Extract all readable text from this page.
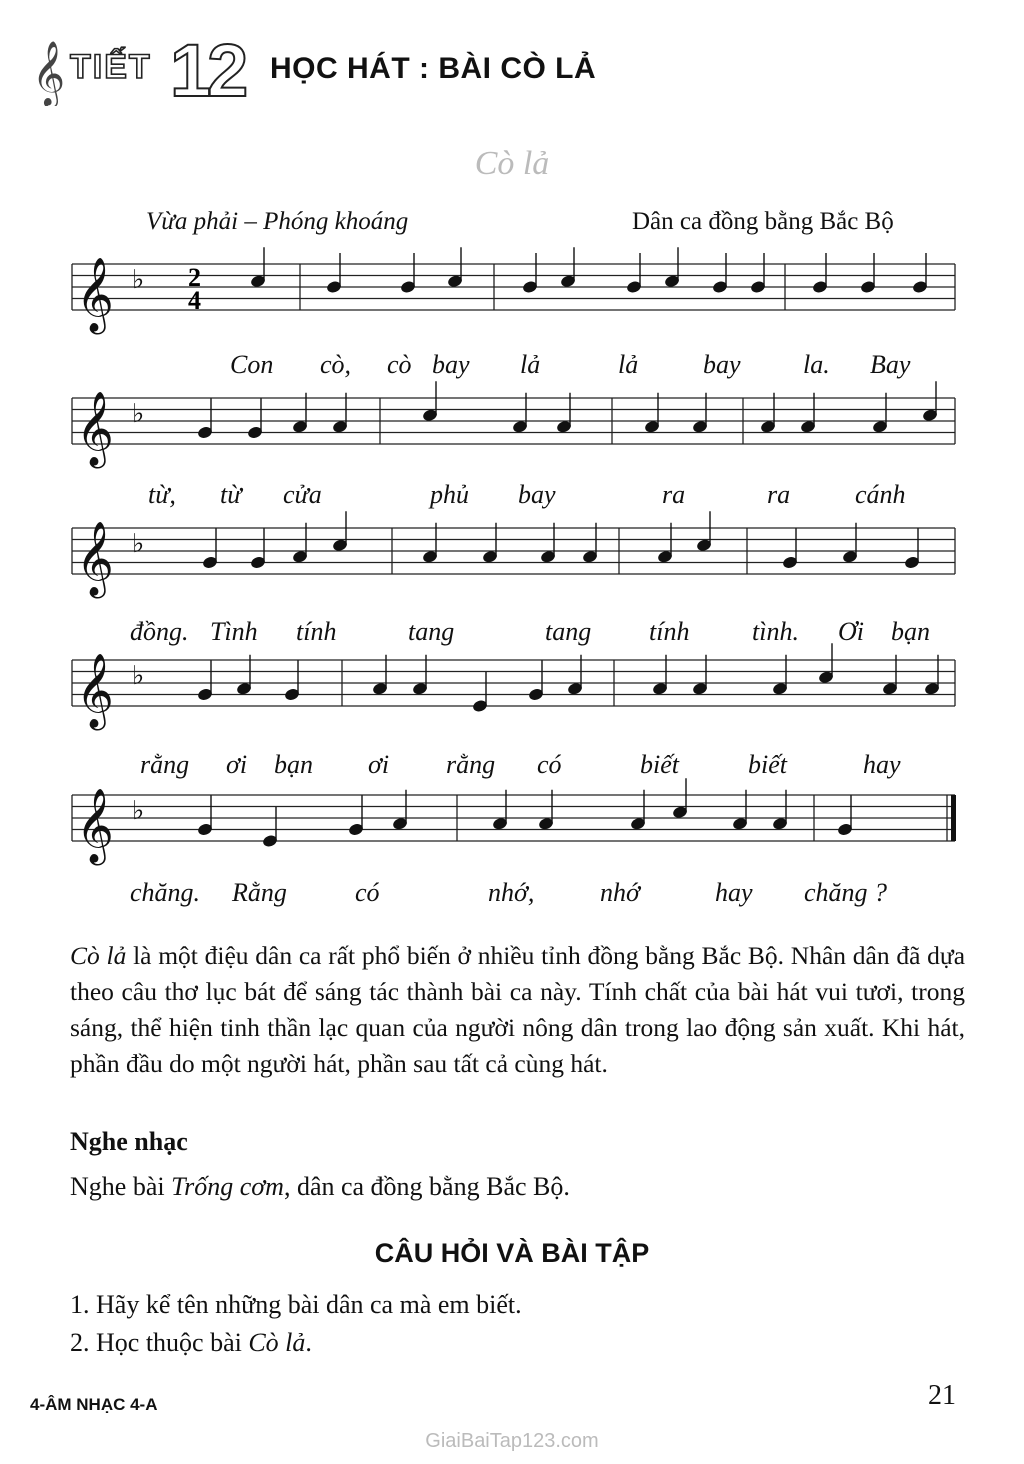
𝄞 TIẾT 12 HỌC HÁT : BÀI CÒ LẢ
Cò lả
Vừa phải – Phóng khoáng	Dân ca đồng bằng Bắc Bộ
𝄞 ♭ 2
4
𝄞 ♭
𝄞 ♭
𝄞 ♭
𝄞 ♭
Con cò, cò bay lả	lả bay la. Bay
từ, từ cửa	phủ bay	ra	ra cánh
đồng. Tình tính	tang	tang tính tình. Ơi bạn
rằng ơi bạn ơi rằng có	biết	biết	hay
chăng. Rằng	có	nhớ,	nhớ	hay chăng ?
Cò lả là một điệu dân ca rất phổ biến ở nhiều tỉnh đồng bằng Bắc Bộ. Nhân dân đã dựa theo câu thơ lục bát để sáng tác thành bài ca này. Tính chất của bài hát vui tươi, trong sáng, thể hiện tinh thần lạc quan của người nông dân trong lao động sản xuất. Khi hát, phần đầu do một người hát, phần sau tất cả cùng hát.
Nghe nhạc
Nghe bài Trống cơm, dân ca đồng bằng Bắc Bộ.
CÂU HỎI VÀ BÀI TẬP
1. Hãy kể tên những bài dân ca mà em biết.
2. Học thuộc bài Cò lả.
4-ÂM NHẠC 4-A	21
GiaiBaiTap123.com
